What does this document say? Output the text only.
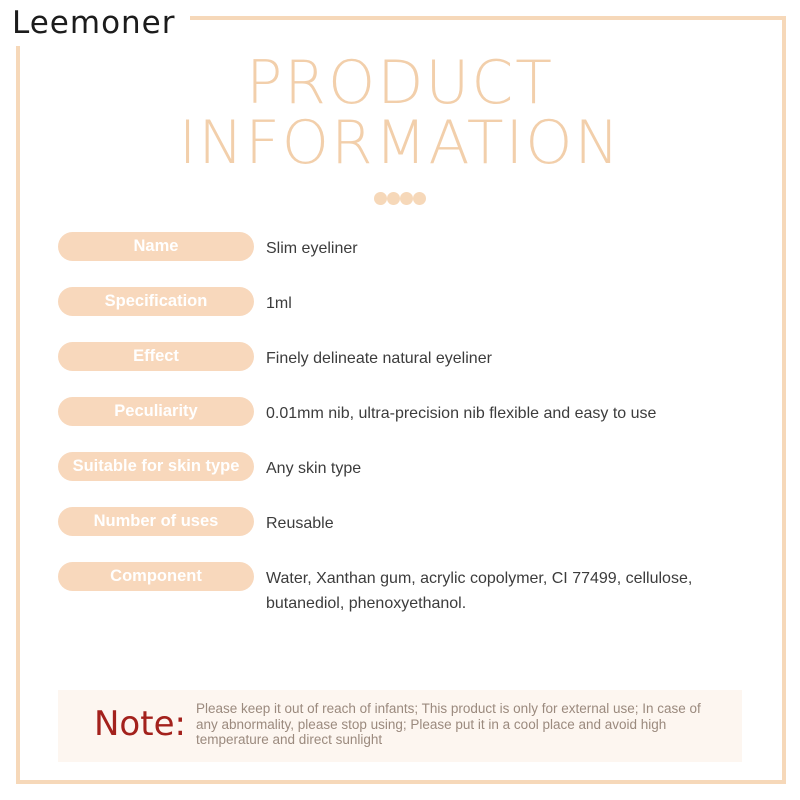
Leemoner
PRODUCT
INFORMATION
Name	Slim eyeliner
Specification	1ml
Effect	Finely delineate natural eyeliner
Peculiarity	0.01mm nib, ultra-precision nib flexible and easy to use
Suitable for skin type	Any skin type
Number of uses	Reusable
Component	Water, Xanthan gum, acrylic copolymer, CI 77499, cellulose, butanediol, phenoxyethanol.
Note: Please keep it out of reach of infants; This product is only for external use; In case of any abnormality, please stop using; Please put it in a cool place and avoid high temperature and direct sunlight
